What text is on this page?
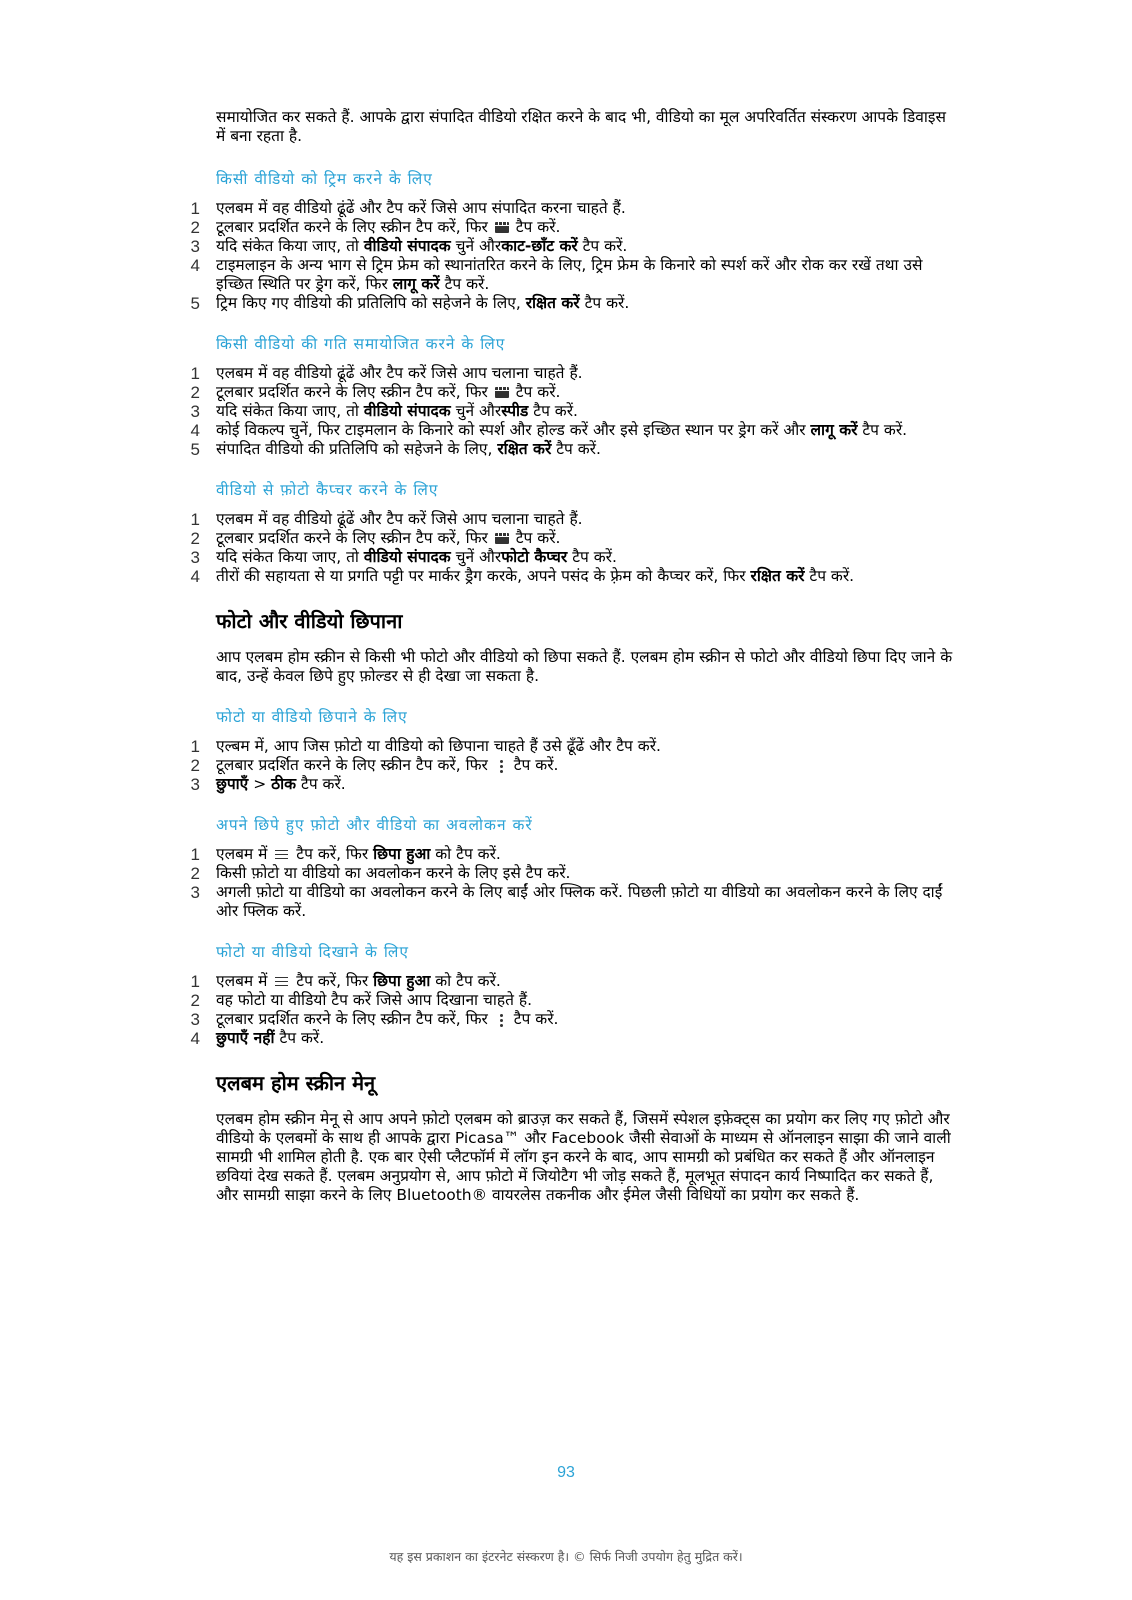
समायोजित कर सकते हैं. आपके द्वारा संपादित वीडियो रक्षित करने के बाद भी, वीडियो का मूल अपरिवर्तित संस्करण आपके डिवाइस में बना रहता है.

किसी वीडियो को ट्रिम करने के लिए
1 एलबम में वह वीडियो ढूंढें और टैप करें जिसे आप संपादित करना चाहते हैं.
2 टूलबार प्रदर्शित करने के लिए स्क्रीन टैप करें, फिर टैप करें.
3 यदि संकेत किया जाए, तो वीडियो संपादक चुनें औरकाट-छाँट करें टैप करें.
4 टाइमलाइन के अन्य भाग से ट्रिम फ्रेम को स्थानांतरित करने के लिए, ट्रिम फ्रेम के किनारे को स्पर्श करें और रोक कर रखें तथा उसे इच्छित स्थिति पर ड्रेग करें, फिर लागू करें टैप करें.
5 ट्रिम किए गए वीडियो की प्रतिलिपि को सहेजने के लिए, रक्षित करें टैप करें.
किसी वीडियो की गति समायोजित करने के लिए
1 एलबम में वह वीडियो ढूंढें और टैप करें जिसे आप चलाना चाहते हैं.
2 टूलबार प्रदर्शित करने के लिए स्क्रीन टैप करें, फिर टैप करें.
3 यदि संकेत किया जाए, तो वीडियो संपादक चुनें औरस्पीड टैप करें.
4 कोई विकल्प चुनें, फिर टाइमलान के किनारे को स्पर्श और होल्ड करें और इसे इच्छित स्थान पर ड्रेग करें और लागू करें टैप करें.
5 संपादित वीडियो की प्रतिलिपि को सहेजने के लिए, रक्षित करें टैप करें.
वीडियो से फ़ोटो कैप्चर करने के लिए
1 एलबम में वह वीडियो ढूंढें और टैप करें जिसे आप चलाना चाहते हैं.
2 टूलबार प्रदर्शित करने के लिए स्क्रीन टैप करें, फिर टैप करें.
3 यदि संकेत किया जाए, तो वीडियो संपादक चुनें औरफोटो कैप्चर टैप करें.
4 तीरों की सहायता से या प्रगति पट्टी पर मार्कर ड्रैग करके, अपने पसंद के फ़्रेम को कैप्चर करें, फिर रक्षित करें टैप करें.
फोटो और वीडियो छिपाना

आप एलबम होम स्क्रीन से किसी भी फोटो और वीडियो को छिपा सकते हैं. एलबम होम स्क्रीन से फोटो और वीडियो छिपा दिए जाने के बाद, उन्हें केवल छिपे हुए फ़ोल्डर से ही देखा जा सकता है.

फोटो या वीडियो छिपाने के लिए
1 एल्बम में, आप जिस फ़ोटो या वीडियो को छिपाना चाहते हैं उसे ढूँढें और टैप करें.
2 टूलबार प्रदर्शित करने के लिए स्क्रीन टैप करें, फिर टैप करें.
3 छुपाएँ > ठीक टैप करें.
अपने छिपे हुए फ़ोटो और वीडियो का अवलोकन करें
1 एलबम में टैप करें, फिर छिपा हुआ को टैप करें.
2 किसी फ़ोटो या वीडियो का अवलोकन करने के लिए इसे टैप करें.
3 अगली फ़ोटो या वीडियो का अवलोकन करने के लिए बाईं ओर फ्लिक करें. पिछली फ़ोटो या वीडियो का अवलोकन करने के लिए दाईं ओर फ्लिक करें.
फोटो या वीडियो दिखाने के लिए
1 एलबम में टैप करें, फिर छिपा हुआ को टैप करें.
2 वह फोटो या वीडियो टैप करें जिसे आप दिखाना चाहते हैं.
3 टूलबार प्रदर्शित करने के लिए स्क्रीन टैप करें, फिर टैप करें.
4 छुपाएँ नहीं टैप करें.
एलबम होम स्क्रीन मेनू

एलबम होम स्क्रीन मेनू से आप अपने फ़ोटो एलबम को ब्राउज़ कर सकते हैं, जिसमें स्पेशल इफ़ेक्ट्स का प्रयोग कर लिए गए फ़ोटो और वीडियो के एलबमों के साथ ही आपके द्वारा Picasa™ और Facebook जैसी सेवाओं के माध्यम से ऑनलाइन साझा की जाने वाली सामग्री भी शामिल होती है. एक बार ऐसी प्लैटफॉर्म में लॉग इन करने के बाद, आप सामग्री को प्रबंधित कर सकते हैं और ऑनलाइन छवियां देख सकते हैं. एलबम अनुप्रयोग से, आप फ़ोटो में जियोटैग भी जोड़ सकते हैं, मूलभूत संपादन कार्य निष्पादित कर सकते हैं, और सामग्री साझा करने के लिए Bluetooth® वायरलेस तकनीक और ईमेल जैसी विधियों का प्रयोग कर सकते हैं.

93
यह इस प्रकाशन का इंटरनेट संस्करण है। © सिर्फ निजी उपयोग हेतु मुद्रित करें।
